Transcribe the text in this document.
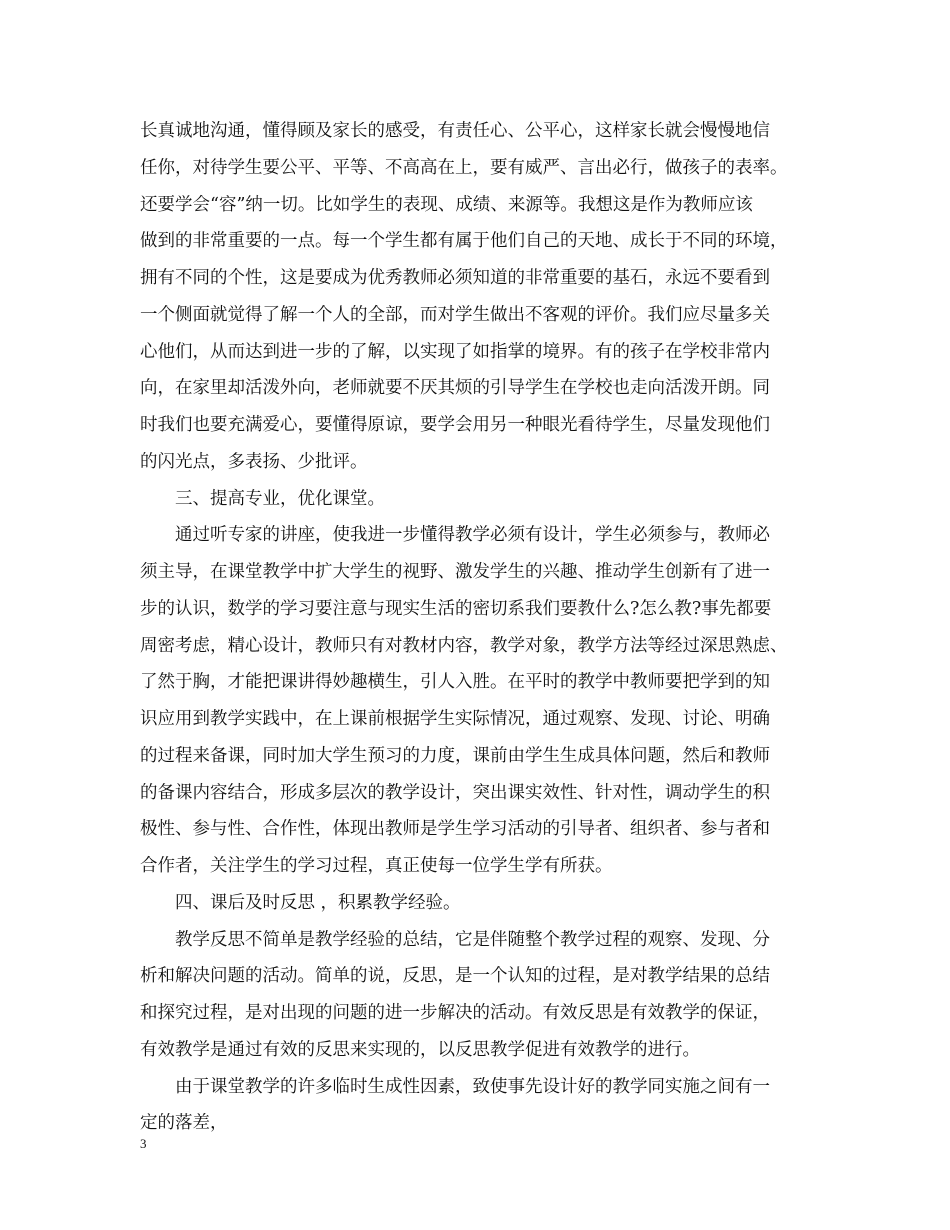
长真诚地沟通，懂得顾及家长的感受，有责任心、公平心，这样家长就会慢慢地信
任你，对待学生要公平、平等、不高高在上，要有威严、言出必行，做孩子的表率。
还要学会“容”纳一切。比如学生的表现、成绩、来源等。我想这是作为教师应该
做到的非常重要的一点。每一个学生都有属于他们自己的天地、成长于不同的环境，
拥有不同的个性，这是要成为优秀教师必须知道的非常重要的基石，永远不要看到
一个侧面就觉得了解一个人的全部，而对学生做出不客观的评价。我们应尽量多关
心他们，从而达到进一步的了解，以实现了如指掌的境界。有的孩子在学校非常内
向，在家里却活泼外向，老师就要不厌其烦的引导学生在学校也走向活泼开朗。同
时我们也要充满爱心，要懂得原谅，要学会用另一种眼光看待学生，尽量发现他们
的闪光点，多表扬、少批评。
三、提高专业，优化课堂。
通过听专家的讲座，使我进一步懂得教学必须有设计，学生必须参与，教师必
须主导，在课堂教学中扩大学生的视野、激发学生的兴趣、推动学生创新有了进一
步的认识，数学的学习要注意与现实生活的密切系我们要教什么?怎么教?事先都要
周密考虑，精心设计，教师只有对教材内容，教学对象，教学方法等经过深思熟虑、
了然于胸，才能把课讲得妙趣横生，引人入胜。在平时的教学中教师要把学到的知
识应用到教学实践中，在上课前根据学生实际情况，通过观察、发现、讨论、明确
的过程来备课，同时加大学生预习的力度，课前由学生生成具体问题，然后和教师
的备课内容结合，形成多层次的教学设计，突出课实效性、针对性，调动学生的积
极性、参与性、合作性，体现出教师是学生学习活动的引导者、组织者、参与者和
合作者，关注学生的学习过程，真正使每一位学生学有所获。
四、课后及时反思 ，积累教学经验。
教学反思不简单是教学经验的总结，它是伴随整个教学过程的观察、发现、分
析和解决问题的活动。简单的说，反思，是一个认知的过程，是对教学结果的总结
和探究过程，是对出现的问题的进一步解决的活动。有效反思是有效教学的保证，
有效教学是通过有效的反思来实现的，以反思教学促进有效教学的进行。
由于课堂教学的许多临时生成性因素，致使事先设计好的教学同实施之间有一
定的落差，
3
